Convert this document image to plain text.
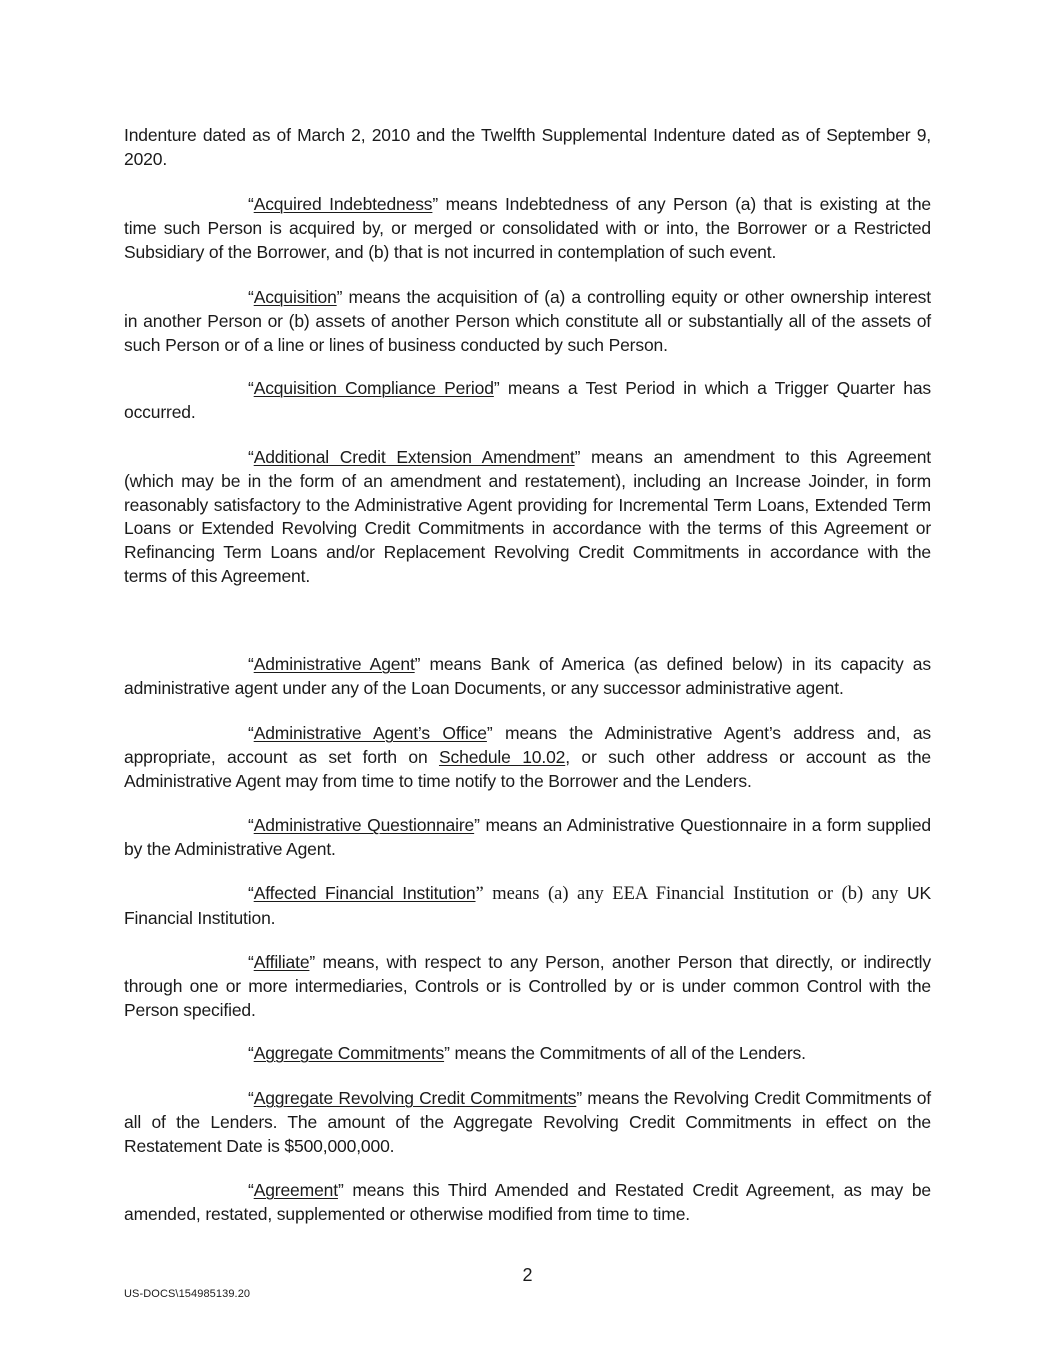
Indenture dated as of March 2, 2010 and the Twelfth Supplemental Indenture dated as of September 9, 2020.

“Acquired Indebtedness” means Indebtedness of any Person (a) that is existing at the time such Person is acquired by, or merged or consolidated with or into, the Borrower or a Restricted Subsidiary of the Borrower, and (b) that is not incurred in contemplation of such event.

“Acquisition” means the acquisition of (a) a controlling equity or other ownership interest in another Person or (b) assets of another Person which constitute all or substantially all of the assets of such Person or of a line or lines of business conducted by such Person.

“Acquisition Compliance Period” means a Test Period in which a Trigger Quarter has occurred.

“Additional Credit Extension Amendment” means an amendment to this Agreement (which may be in the form of an amendment and restatement), including an Increase Joinder, in form reasonably satisfactory to the Administrative Agent providing for Incremental Term Loans, Extended Term Loans or Extended Revolving Credit Commitments in accordance with the terms of this Agreement or Refinancing Term Loans and/or Replacement Revolving Credit Commitments in accordance with the terms of this Agreement.

“Administrative Agent” means Bank of America (as defined below) in its capacity as administrative agent under any of the Loan Documents, or any successor administrative agent.

“Administrative Agent’s Office” means the Administrative Agent’s address and, as appropriate, account as set forth on Schedule 10.02, or such other address or account as the Administrative Agent may from time to time notify to the Borrower and the Lenders.

“Administrative Questionnaire” means an Administrative Questionnaire in a form supplied by the Administrative Agent.

“Affected Financial Institution” means (a) any EEA Financial Institution or (b) any UK Financial Institution.

“Affiliate” means, with respect to any Person, another Person that directly, or indirectly through one or more intermediaries, Controls or is Controlled by or is under common Control with the Person specified.

“Aggregate Commitments” means the Commitments of all of the Lenders.

“Aggregate Revolving Credit Commitments” means the Revolving Credit Commitments of all of the Lenders. The amount of the Aggregate Revolving Credit Commitments in effect on the Restatement Date is $500,000,000.

“Agreement” means this Third Amended and Restated Credit Agreement, as may be amended, restated, supplemented or otherwise modified from time to time.

2
US-DOCS\154985139.20
